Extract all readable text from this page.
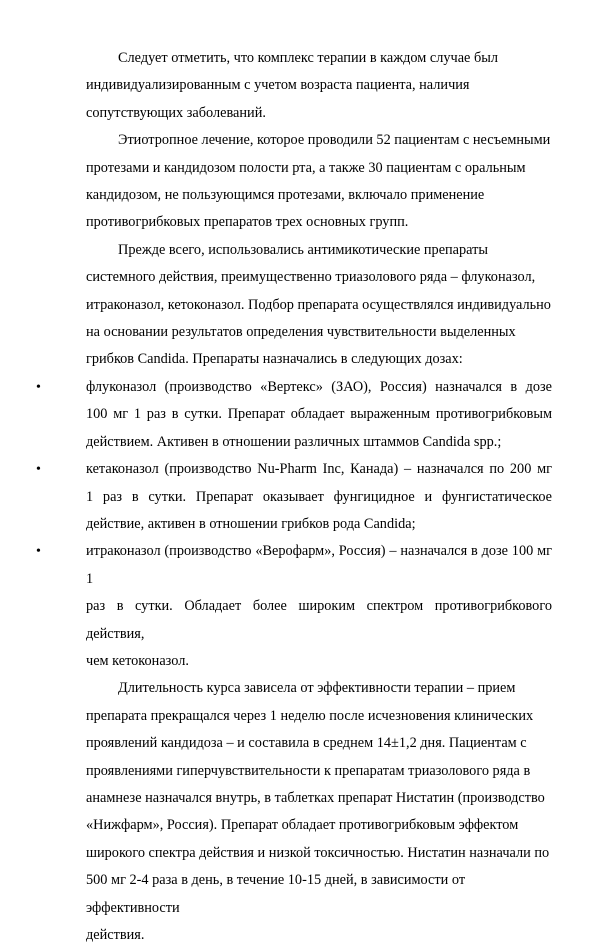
Следует отметить, что комплекс терапии в каждом случае был
индивидуализированным с учетом возраста пациента, наличия
сопутствующих заболеваний.

Этиотропное лечение, которое проводили 52 пациентам с несъемными
протезами и кандидозом полости рта, а также 30 пациентам с оральным
кандидозом, не пользующимся протезами, включало применение
противогрибковых препаратов трех основных групп.

Прежде всего, использовались антимикотические препараты
системного действия, преимущественно триазолового ряда – флуконазол,
итраконазол, кетоконазол. Подбор препарата осуществлялся индивидуально
на основании результатов определения чувствительности выделенных
грибков Candida. Препараты назначались в следующих дозах:

•	флуконазол (производство «Вертекс» (ЗАО), Россия) назначался в дозе
100 мг 1 раз в сутки. Препарат обладает выраженным противогрибковым
действием. Активен в отношении различных штаммов Candida spp.;
•	кетаконазол (производство Nu-Pharm Inc, Канада) – назначался по 200 мг
1 раз в сутки. Препарат оказывает фунгицидное и фунгистатическое
действие, активен в отношении грибков рода Candida;
•	итраконазол (производство «Верофарм», Россия) – назначался в дозе 100 мг 1
раз в сутки. Обладает более широким спектром противогрибкового действия,
чем кетоконазол.

Длительность курса зависела от эффективности терапии – прием
препарата прекращался через 1 неделю после исчезновения клинических
проявлений кандидоза – и составила в среднем 14±1,2 дня. Пациентам с
проявлениями гиперчувствительности к препаратам триазолового ряда в
анамнезе назначался внутрь, в таблетках препарат Нистатин (производство
«Нижфарм», Россия). Препарат обладает противогрибковым эффектом
широкого спектра действия и низкой токсичностью. Нистатин назначали по
500 мг 2-4 раза в день, в течение 10-15 дней, в зависимости от эффективности
действия.
